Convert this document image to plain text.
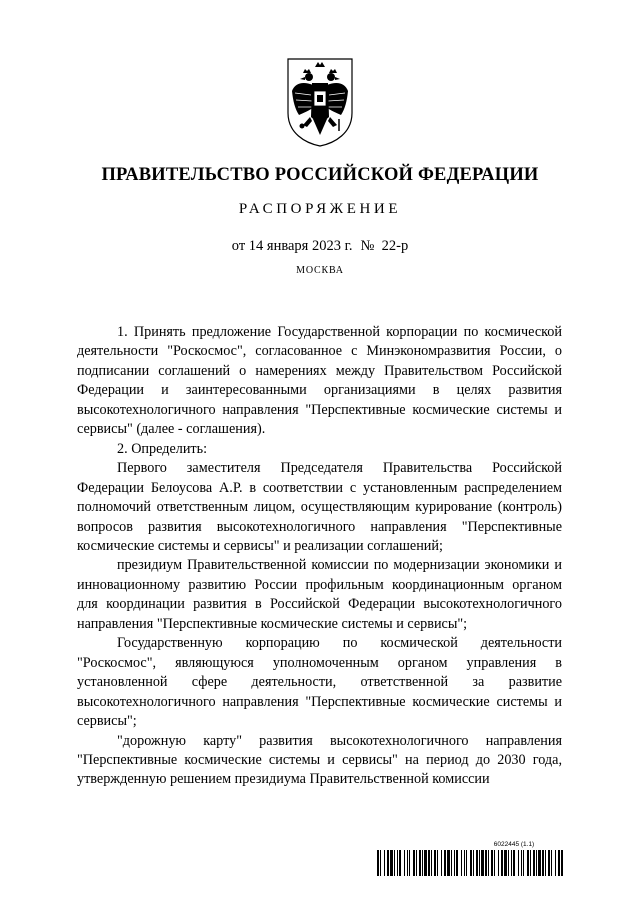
ПРАВИТЕЛЬСТВО РОССИЙСКОЙ ФЕДЕРАЦИИ
РАСПОРЯЖЕНИЕ
от 14 января 2023 г. № 22-р
МОСКВА

1. Принять предложение Государственной корпорации по космической деятельности "Роскосмос", согласованное с Минэкономразвития России, о подписании соглашений о намерениях между Правительством Российской Федерации и заинтересованными организациями в целях развития высокотехнологичного направления "Перспективные космические системы и сервисы" (далее - соглашения).

2. Определить:

Первого заместителя Председателя Правительства Российской Федерации Белоусова А.Р. в соответствии с установленным распределением полномочий ответственным лицом, осуществляющим курирование (контроль) вопросов развития высокотехнологичного направления "Перспективные космические системы и сервисы" и реализации соглашений;

президиум Правительственной комиссии по модернизации экономики и инновационному развитию России профильным координационным органом для координации развития в Российской Федерации высокотехнологичного направления "Перспективные космические системы и сервисы";

Государственную корпорацию по космической деятельности "Роскосмос", являющуюся уполномоченным органом управления в установленной сфере деятельности, ответственной за развитие высокотехнологичного направления "Перспективные космические системы и сервисы";

"дорожную карту" развития высокотехнологичного направления "Перспективные космические системы и сервисы" на период до 2030 года, утвержденную решением президиума Правительственной комиссии

6022445 (1.1)
